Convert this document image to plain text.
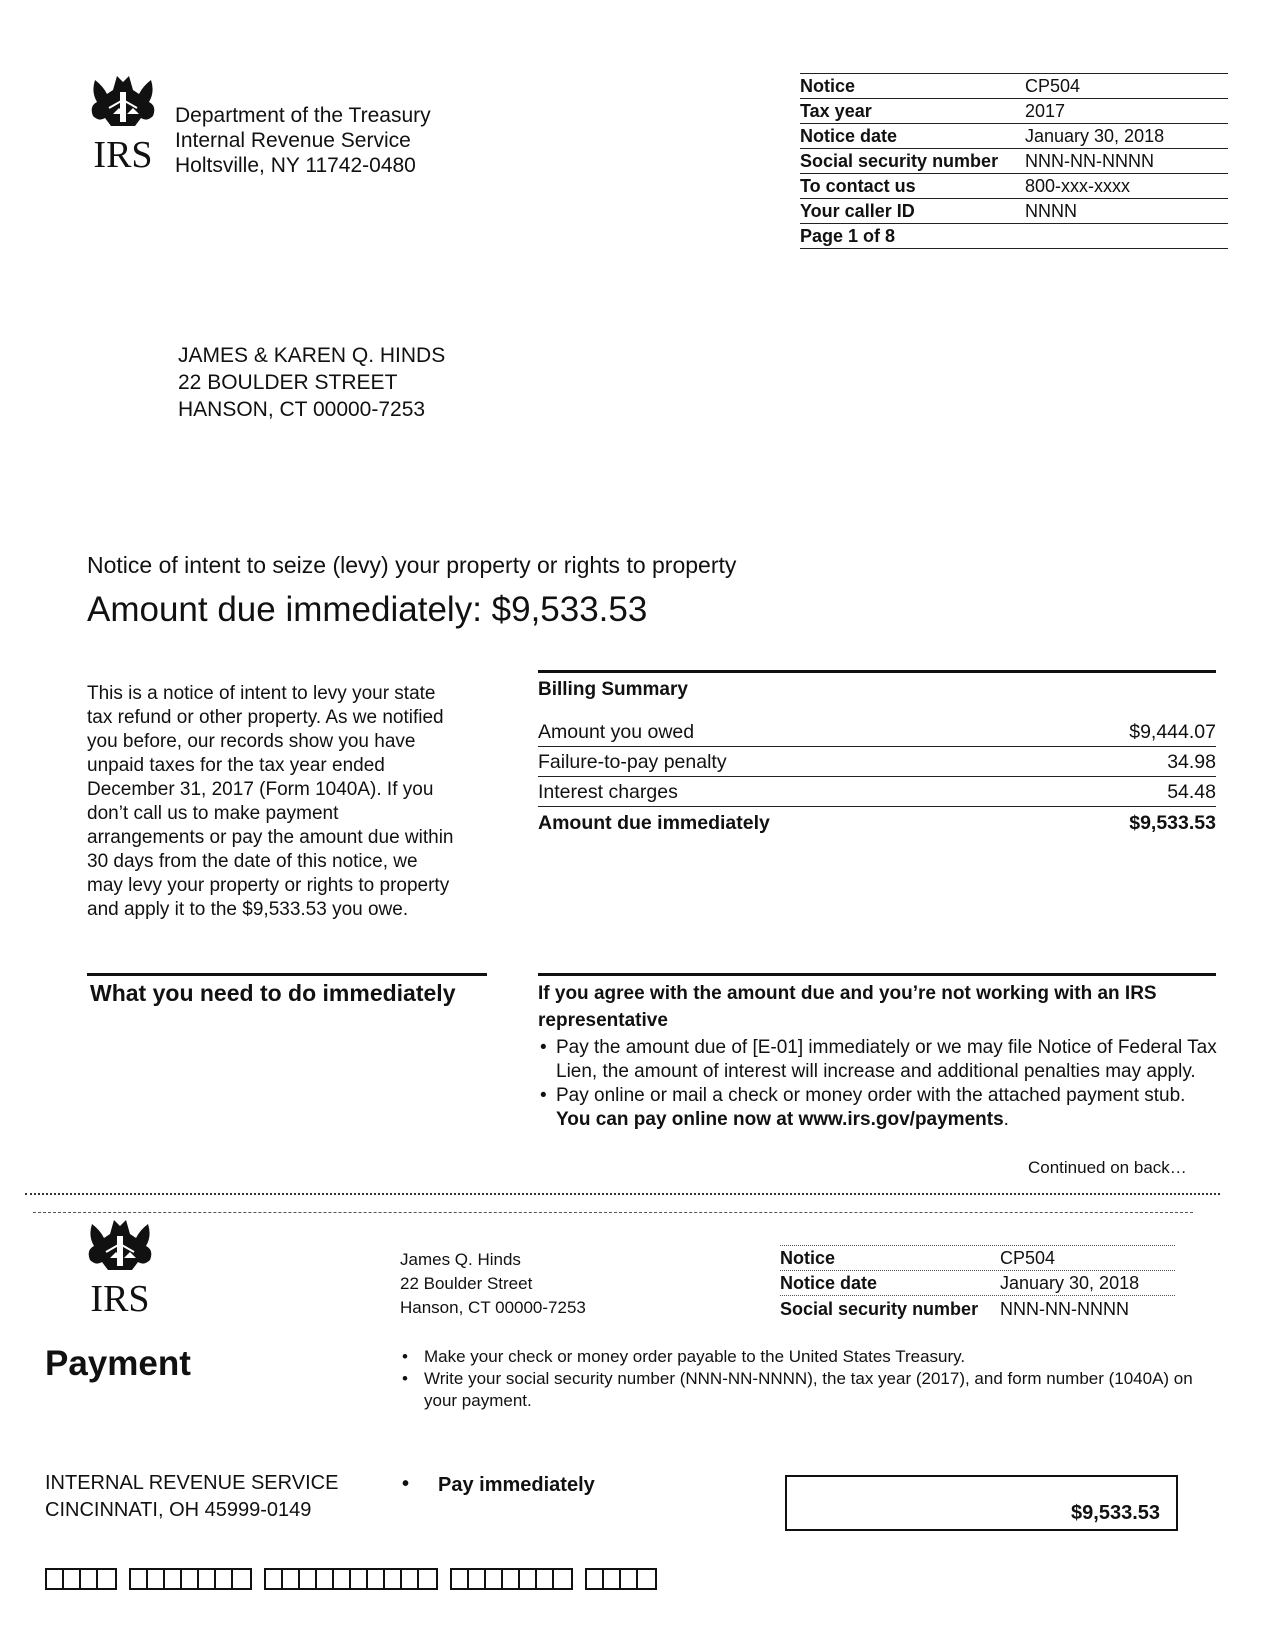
IRS
Department of the Treasury
Internal Revenue Service
Holtsville, NY 11742-0480
Notice	CP504
Tax year	2017
Notice date	January 30, 2018
Social security number	NNN-NN-NNNN
To contact us	800-xxx-xxxx
Your caller ID	NNNN
Page 1 of 8
JAMES & KAREN Q. HINDS
22 BOULDER STREET
HANSON, CT 00000-7253
Notice of intent to seize (levy) your property or rights to property
Amount due immediately: $9,533.53
This is a notice of intent to levy your state tax refund or other property. As we notified you before, our records show you have unpaid taxes for the tax year ended December 31, 2017 (Form 1040A). If you don’t call us to make payment arrangements or pay the amount due within 30 days from the date of this notice, we may levy your property or rights to property and apply it to the $9,533.53 you owe.
Billing Summary
Amount you owed	$9,444.07
Failure-to-pay penalty	34.98
Interest charges	54.48
Amount due immediately	$9,533.53
What you need to do immediately	If you agree with the amount due and you’re not working with an IRS representative
• Pay the amount due of [E-01] immediately or we may file Notice of Federal Tax Lien, the amount of interest will increase and additional penalties may apply.
• Pay online or mail a check or money order with the attached payment stub. You can pay online now at www.irs.gov/payments.
Continued on back…
IRS
James Q. Hinds
22 Boulder Street
Hanson, CT 00000-7253
Notice	CP504
Notice date	January 30, 2018
Social security number	NNN-NN-NNNN
Payment
•	Make your check or money order payable to the United States Treasury.
• Write your social security number (NNN-NN-NNNN), the tax year (2017), and form number (1040A) on your payment.
INTERNAL REVENUE SERVICE
CINCINNATI, OH 45999-0149
• Pay immediately
$9,533.53
